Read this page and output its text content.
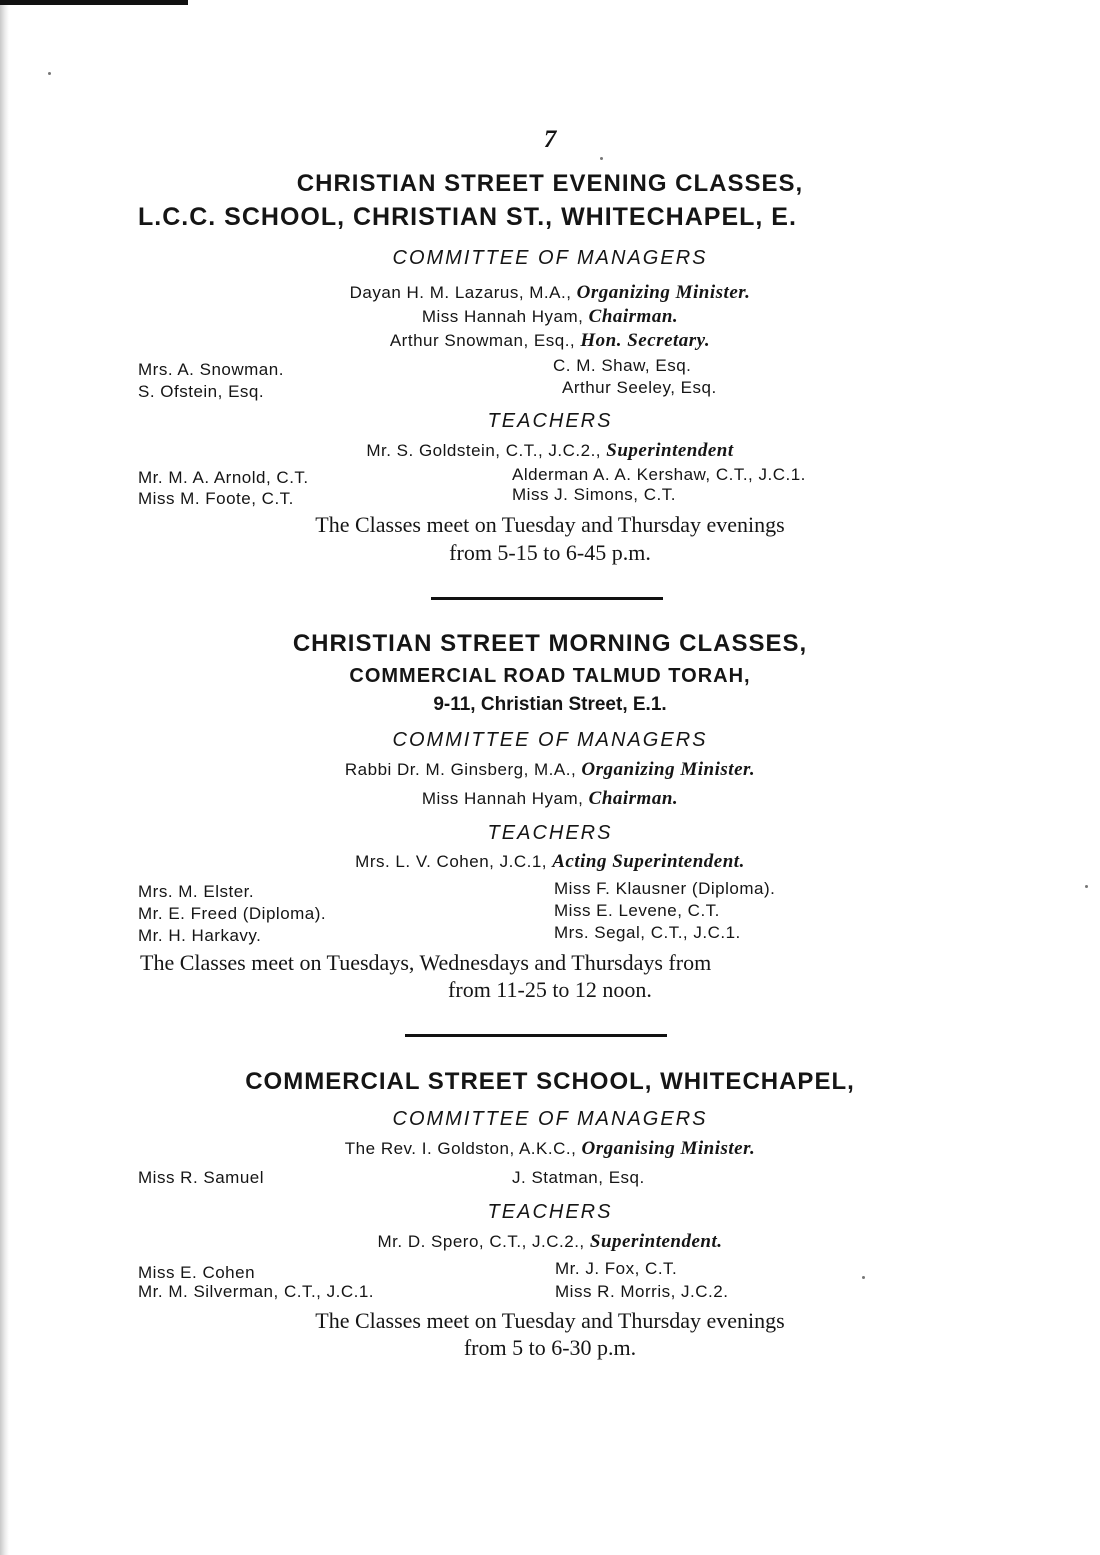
7
CHRISTIAN STREET EVENING CLASSES,
L.C.C. SCHOOL, CHRISTIAN ST., WHITECHAPEL, E.
COMMITTEE OF MANAGERS
Dayan H. M. Lazarus, M.A., Organizing Minister.
Miss Hannah Hyam, Chairman.
Arthur Snowman, Esq., Hon. Secretary.
Mrs. A. Snowman.	C. M. Shaw, Esq.
S. Ofstein, Esq.	Arthur Seeley, Esq.
TEACHERS
Mr. S. Goldstein, C.T., J.C.2., Superintendent
Mr. M. A. Arnold, C.T.	Alderman A. A. Kershaw, C.T., J.C.1.
Miss M. Foote, C.T.	Miss J. Simons, C.T.
The Classes meet on Tuesday and Thursday evenings
from 5-15 to 6-45 p.m.
CHRISTIAN STREET MORNING CLASSES,
COMMERCIAL ROAD TALMUD TORAH,
9-11, Christian Street, E.1.
COMMITTEE OF MANAGERS
Rabbi Dr. M. Ginsberg, M.A., Organizing Minister.
Miss Hannah Hyam, Chairman.
TEACHERS
Mrs. L. V. Cohen, J.C.1, Acting Superintendent.
Mrs. M. Elster.	Miss F. Klausner (Diploma).
Mr. E. Freed (Diploma).	Miss E. Levene, C.T.
Mr. H. Harkavy.	Mrs. Segal, C.T., J.C.1.
The Classes meet on Tuesdays, Wednesdays and Thursdays from
from 11-25 to 12 noon.
COMMERCIAL STREET SCHOOL, WHITECHAPEL,
COMMITTEE OF MANAGERS
The Rev. I. Goldston, A.K.C., Organising Minister.
Miss R. Samuel	J. Statman, Esq.
TEACHERS
Mr. D. Spero, C.T., J.C.2., Superintendent.
Miss E. Cohen	Mr. J. Fox, C.T.
Mr. M. Silverman, C.T., J.C.1.	Miss R. Morris, J.C.2.
The Classes meet on Tuesday and Thursday evenings
from 5 to 6-30 p.m.
